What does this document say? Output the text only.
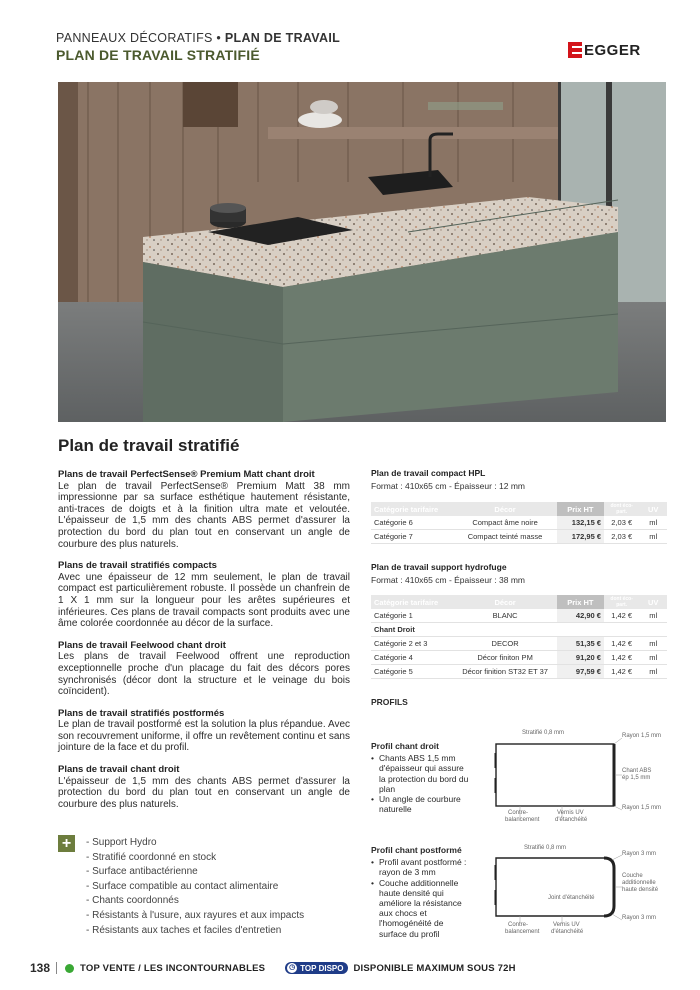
PANNEAUX DÉCORATIFS • PLAN DE TRAVAIL
PLAN DE TRAVAIL STRATIFIÉ	EGGER
Plan de travail stratifié
Plans de travail PerfectSense® Premium Matt chant droit

Le plan de travail PerfectSense® Premium Matt 38 mm impressionne par sa surface esthétique hautement résistante, anti-traces de doigts et à la finition ultra mate et veloutée. L'épaisseur de 1,5 mm des chants ABS permet d'assurer la protection du bord du plan tout en conservant un angle de courbure des plus naturels.

Plans de travail stratifiés compacts

Avec une épaisseur de 12 mm seulement, le plan de travail compact est particulièrement robuste. Il possède un chanfrein de 1 X 1 mm sur la longueur pour les arêtes supérieures et inférieures. Ces plans de travail compacts sont produits avec une âme colorée coordonnée au décor de la surface.

Plans de travail Feelwood chant droit

Les plans de travail Feelwood offrent une reproduction exceptionnelle proche d'un placage du fait des décors pores synchronisés (décor dont la structure et le veinage du bois coïncident).

Plans de travail stratifiés postformés

Le plan de travail postformé est la solution la plus répandue. Avec son recouvrement uniforme, il offre un revêtement continu et sans jointure de la face et du profil.

Plans de travail chant droit

L'épaisseur de 1,5 mm des chants ABS permet d'assurer la protection du bord du plan tout en conservant un angle de courbure des plus naturels.

+	- Support Hydro
- Stratifié coordonné en stock
- Surface antibactérienne
- Surface compatible au contact alimentaire
- Chants coordonnés
- Résistants à l'usure, aux rayures et aux impacts
- Résistants aux taches et faciles d'entretien

Plan de travail compact HPL

Format : 410x65 cm - Épaisseur : 12 mm

Catégorie tarifaire	Décor	Prix HT	dont éco-part.	UV
Catégorie 6	Compact âme noire	132,15 €	2,03 €	ml
Catégorie 7	Compact teinté masse	172,95 €	2,03 €	ml

Plan de travail support hydrofuge

Format : 410x65 cm - Épaisseur : 38 mm

Catégorie tarifaire	Décor	Prix HT	dont éco-part.	UV
Catégorie 1	BLANC	42,90 €	1,42 €	ml
Chant Droit				
Catégorie 2 et 3	DECOR	51,35 €	1,42 €	ml
Catégorie 4	Décor finiton PM	91,20 €	1,42 €	ml
Catégorie 5	Décor finition ST32 ET 37	97,59 €	1,42 €	ml
PROFILS
Profil chant droit
• Chants ABS 1,5 mm d'épaisseur qui assure la protection du bord du plan
• Un angle de courbure naturelle
Profil chant postformé
• Profil avant postformé : rayon de 3 mm
• Couche additionnelle haute densité qui améliore la résistance aux chocs et l'homogénéité de surface du profil
Stratifié 0,8 mm	Rayon 1,5 mm
Chant ABS
ép 1,5 mm
Rayon 1,5 mm
Contre-
balancement
Vernis UV
d'étanchéité
Stratifié 0,8 mm
Rayon 3 mm
Couche
additionnelle
haute densité
Joint d'étanchéité
Rayon 3 mm
Contre-
balancement
Vernis UV
d'étanchéité
138	TOP VENTE / LES INCONTOURNABLES	◷ TOP DISPO DISPONIBLE MAXIMUM SOUS 72H
